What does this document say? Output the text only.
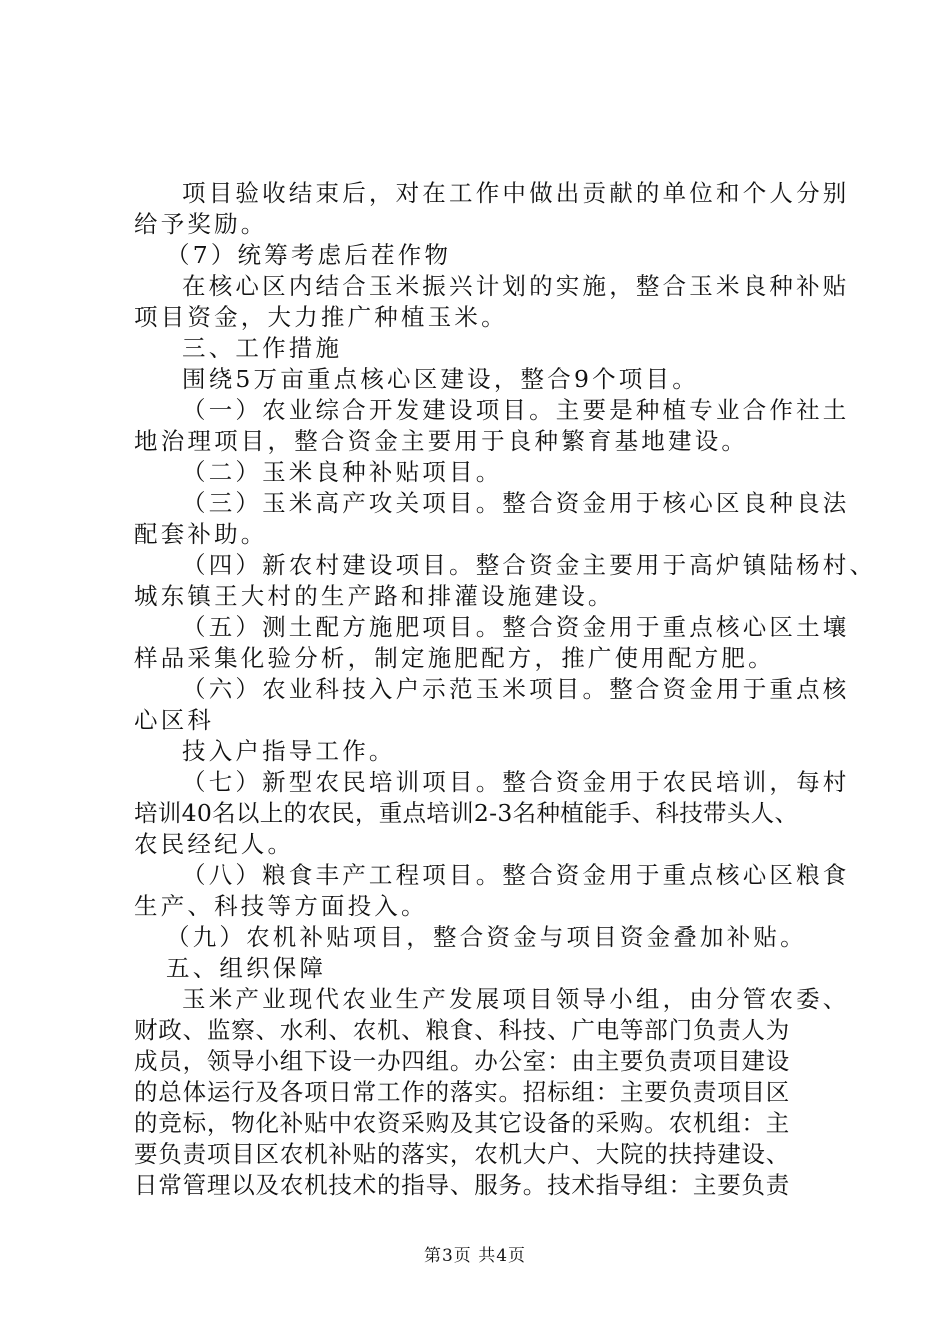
项目验收结束后，对在工作中做出贡献的单位和个人分别
给予奖励。
（7）统筹考虑后茬作物
在核心区内结合玉米振兴计划的实施，整合玉米良种补贴
项目资金，大力推广种植玉米。
三、工作措施
围绕5万亩重点核心区建设，整合9个项目。
（一）农业综合开发建设项目。主要是种植专业合作社土
地治理项目，整合资金主要用于良种繁育基地建设。
（二）玉米良种补贴项目。
（三）玉米高产攻关项目。整合资金用于核心区良种良法
配套补助。
（四）新农村建设项目。整合资金主要用于高炉镇陆杨村、
城东镇王大村的生产路和排灌设施建设。
（五）测土配方施肥项目。整合资金用于重点核心区土壤
样品采集化验分析，制定施肥配方，推广使用配方肥。
（六）农业科技入户示范玉米项目。整合资金用于重点核
心区科
技入户指导工作。
（七）新型农民培训项目。整合资金用于农民培训，每村
培训40名以上的农民，重点培训2-3名种植能手、科技带头人、
农民经纪人。
（八）粮食丰产工程项目。整合资金用于重点核心区粮食
生产、科技等方面投入。
（九）农机补贴项目，整合资金与项目资金叠加补贴。
五、组织保障
玉米产业现代农业生产发展项目领导小组，由分管农委、
财政、监察、水利、农机、粮食、科技、广电等部门负责人为
成员，领导小组下设一办四组。办公室：由主要负责项目建设
的总体运行及各项日常工作的落实。招标组：主要负责项目区
的竞标，物化补贴中农资采购及其它设备的采购。农机组：主
要负责项目区农机补贴的落实，农机大户、大院的扶持建设、
日常管理以及农机技术的指导、服务。技术指导组：主要负责
第3页 共4页
